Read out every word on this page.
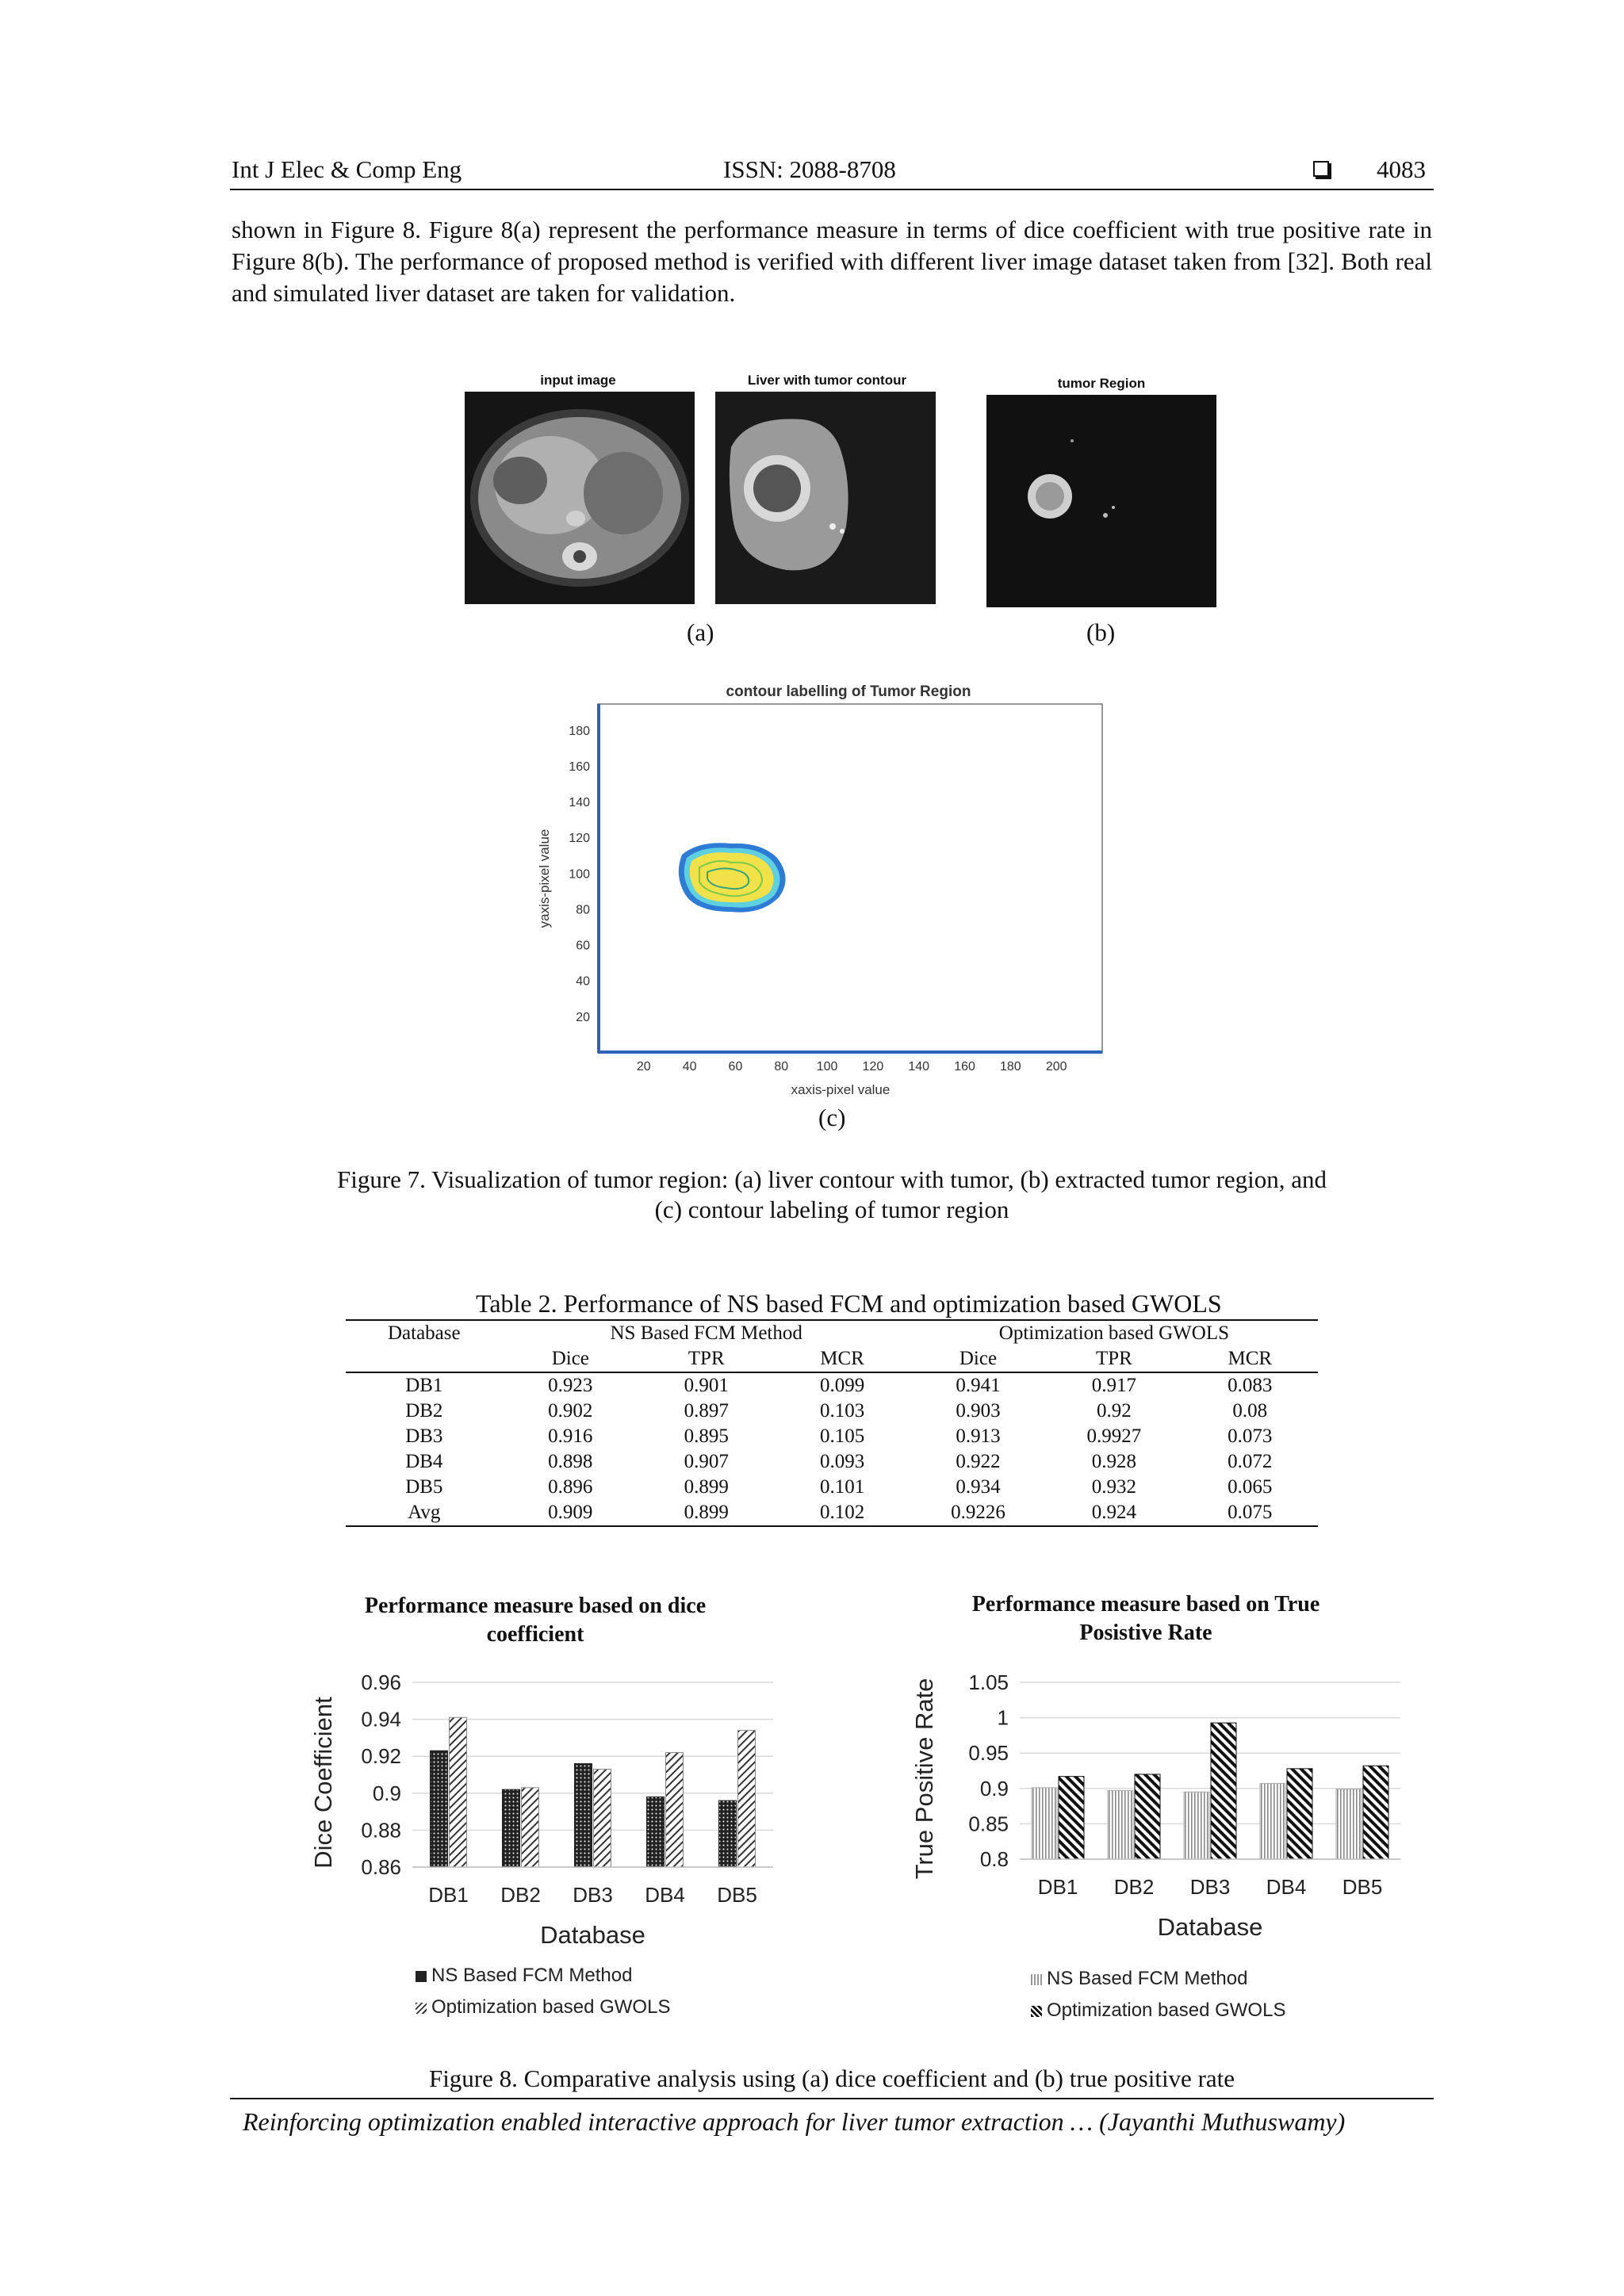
Int J Elec & Comp Eng	ISSN: 2088-8708	4083
shown in Figure 8. Figure 8(a) represent the performance measure in terms of dice coefficient with true positive rate in Figure 8(b). The performance of proposed method is verified with different liver image dataset taken from [32]. Both real and simulated liver dataset are taken for validation.
input image	Liver with tumor contour	tumor Region
(a)	(b)
contour labelling of Tumor Region
20	40	60	80 100 120 140 160 180 200
20
40
60
80
100
120
140
160
180
xaxis-pixel value
yaxis-pixel value
(c)
Figure 7. Visualization of tumor region: (a) liver contour with tumor, (b) extracted tumor region, and
(c) contour labeling of tumor region
Table 2. Performance of NS based FCM and optimization based GWOLS
Database	NS Based FCM Method			Optimization based GWOLS		
	Dice	TPR	MCR	Dice	TPR	MCR
DB1	0.923	0.901	0.099	0.941	0.917	0.083
DB2	0.902	0.897	0.103	0.903	0.92	0.08
DB3	0.916	0.895	0.105	0.913	0.9927	0.073
DB4	0.898	0.907	0.093	0.922	0.928	0.072
DB5	0.896	0.899	0.101	0.934	0.932	0.065
Avg	0.909	0.899	0.102	0.9226	0.924	0.075
Performance measure based on dice
coefficient
0.96
0.94
0.92
0.9
0.88
0.86
DB1 DB2 DB3 DB4 DB5
Database
Dice Coefficient
NS Based FCM Method
Optimization based GWOLS
Performance measure based on True
Posistive Rate
1.05
1
0.95
0.9
0.85
0.8
DB1 DB2 DB3 DB4 DB5
Database
True Positive Rate
NS Based FCM Method
Optimization based GWOLS
Figure 8. Comparative analysis using (a) dice coefficient and (b) true positive rate
Reinforcing optimization enabled interactive approach for liver tumor extraction … (Jayanthi Muthuswamy)
